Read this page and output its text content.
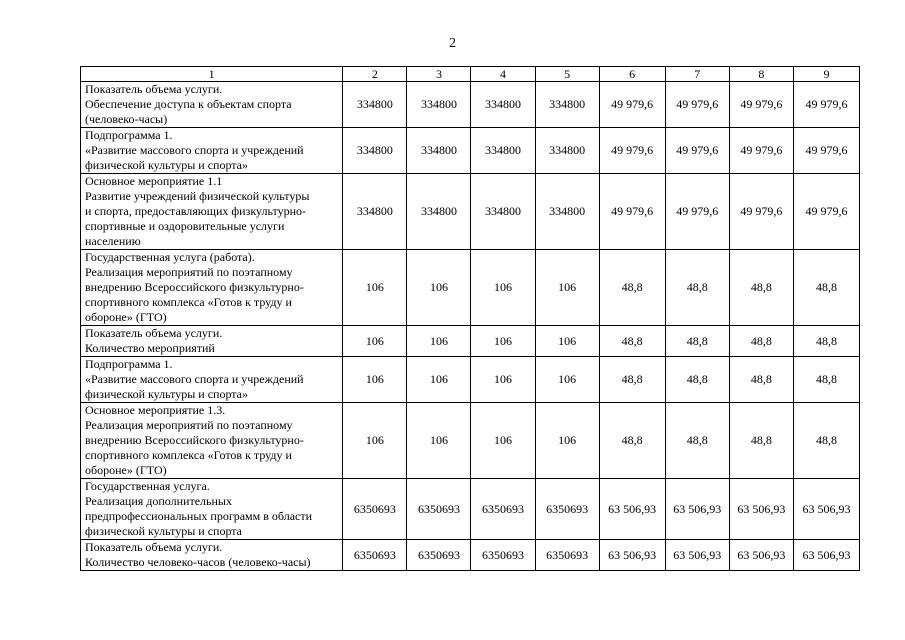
2
1	2	3	4	5	6	7	8	9
Показатель объема услуги.
Обеспечение доступа к объектам спорта
(человеко-часы)	334800	334800	334800	334800	49 979,6	49 979,6	49 979,6	49 979,6
Подпрограмма 1.
«Развитие массового спорта и учреждений
физической культуры и спорта»	334800	334800	334800	334800	49 979,6	49 979,6	49 979,6	49 979,6
Основное мероприятие 1.1
Развитие учреждений физической культуры
и спорта, предоставляющих физкультурно-
спортивные и оздоровительные услуги
населению	334800	334800	334800	334800	49 979,6	49 979,6	49 979,6	49 979,6
Государственная услуга (работа).
Реализация мероприятий по поэтапному
внедрению Всероссийского физкультурно-
спортивного комплекса «Готов к труду и
обороне» (ГТО)	106	106	106	106	48,8	48,8	48,8	48,8
Показатель объема услуги.
Количество мероприятий	106	106	106	106	48,8	48,8	48,8	48,8
Подпрограмма 1.
«Развитие массового спорта и учреждений
физической культуры и спорта»	106	106	106	106	48,8	48,8	48,8	48,8
Основное мероприятие 1.3.
Реализация мероприятий по поэтапному
внедрению Всероссийского физкультурно-
спортивного комплекса «Готов к труду и
обороне» (ГТО)	106	106	106	106	48,8	48,8	48,8	48,8
Государственная услуга.
Реализация дополнительных
предпрофессиональных программ в области
физической культуры и спорта	6350693	6350693	6350693	6350693	63 506,93	63 506,93	63 506,93	63 506,93
Показатель объема услуги.
Количество человеко-часов (человеко-часы)	6350693	6350693	6350693	6350693	63 506,93	63 506,93	63 506,93	63 506,93
